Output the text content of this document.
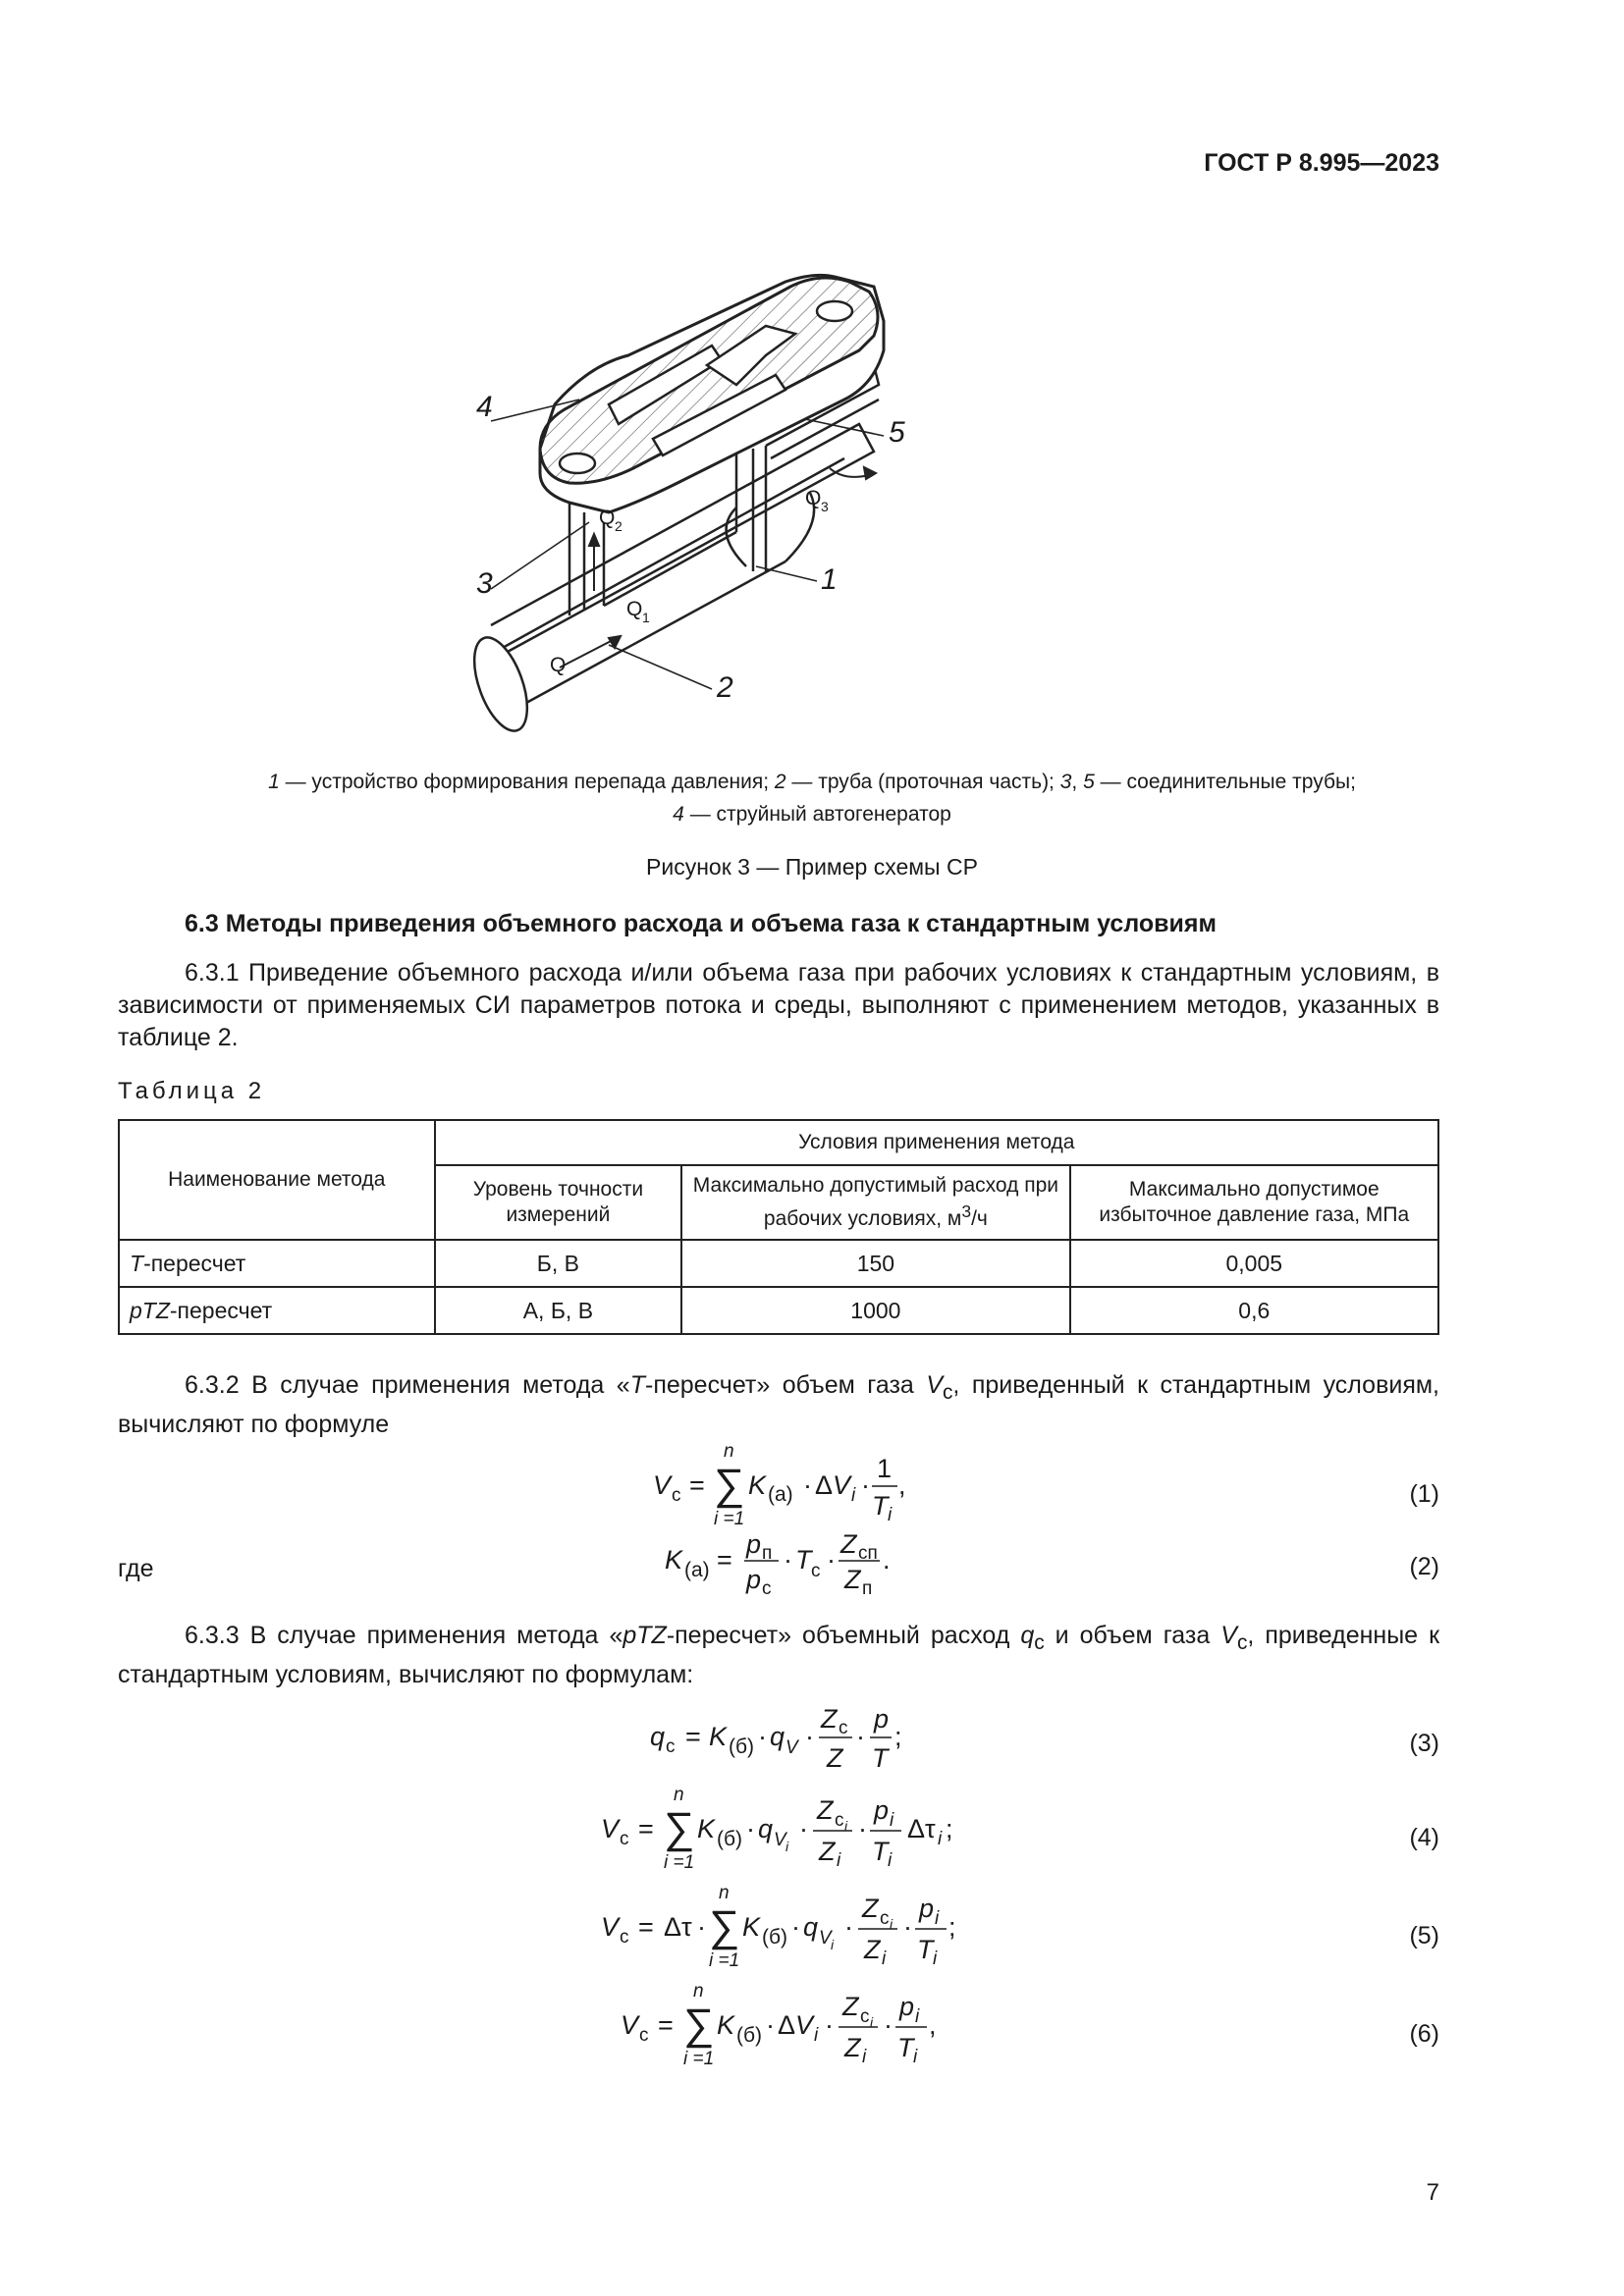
ГОСТ Р 8.995—2023
4
3
2
1
5
Q
Q 1
Q 2
Q 3
1 — устройство формирования перепада давления; 2 — труба (проточная часть); 3, 5 — соединительные трубы;
4 — струйный автогенератор
Рисунок 3 — Пример схемы СР
6.3 Методы приведения объемного расхода и объема газа к стандартным условиям
6.3.1 Приведение объемного расхода и/или объема газа при рабочих условиях к стандартным условиям, в зависимости от применяемых СИ параметров потока и среды, выполняют с применением методов, указанных в таблице 2.
Таблица 2
Наименование метода	Условия применения метода		
	Уровень точности измерений	Максимально допустимый расход при рабочих условиях, $м^3/ч$	Максимально допустимое избыточное давление газа, МПа
T-пересчет	Б, В	150	0,005
pTZ-пересчет	А, Б, В	1000	0,6
6.3.2 В случае применения метода «T-пересчет» объем газа $V_с$, приведенный к стандартным условиям, вычисляют по формуле
V с = ∑
n
i =1
K (а) · Δ V i ·
1
T i
,	(1)
где	K (а) =
p п
p с
· T с ·
Z сп
Z п
.	(2)
6.3.3 В случае применения метода «pTZ-пересчет» объемный расход $q_с$ и объем газа $V_с$, приведенные к стандартным условиям, вычисляют по формулам:
q с = K (б) · q V ·
Z с
Z
·
p
T
;	(3)
V с = ∑
n
i =1
K (б) · q V i
·
Z с i
Z i
·
p i
T i
Δ τ i ;	(4)
V с = Δ τ · ∑
n
i =1
K (б) · q V i
·
Z с i
Z i
·
p i
T i
;	(5)
V с = ∑
n
i =1
K (б) · Δ V i ·
Z с i
Z i
·
p i
T i
,	(6)
7
